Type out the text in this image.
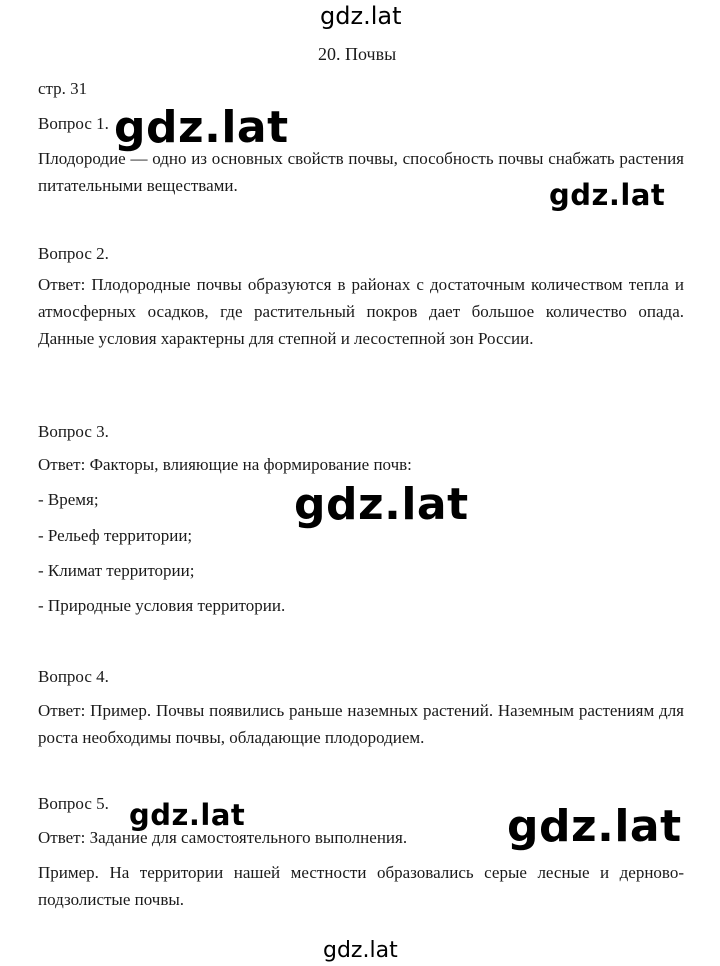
gdz.lat
20. Почвы
стр. 31
Вопрос 1.

Плодородие — одно из основных свойств почвы, способность почвы снабжать растения питательными веществами.

Вопрос 2.

Ответ: Плодородные почвы образуются в районах с достаточным количеством тепла и атмосферных осадков, где растительный покров дает большое количество опада. Данные условия характерны для степной и лесостепной зон России.

Вопрос 3.
Ответ: Факторы, влияющие на формирование почв:
- Время;
- Рельеф территории;
- Климат территории;
- Природные условия территории.
Вопрос 4.

Ответ: Пример. Почвы появились раньше наземных растений. Наземным растениям для роста необходимы почвы, обладающие плодородием.

Вопрос 5.
Ответ: Задание для самостоятельного выполнения.

Пример. На территории нашей местности образовались серые лесные и дерново-подзолистые почвы.

gdz.lat
gdz.lat
gdz.lat
gdz.lat	gdz.lat
gdz.lat
